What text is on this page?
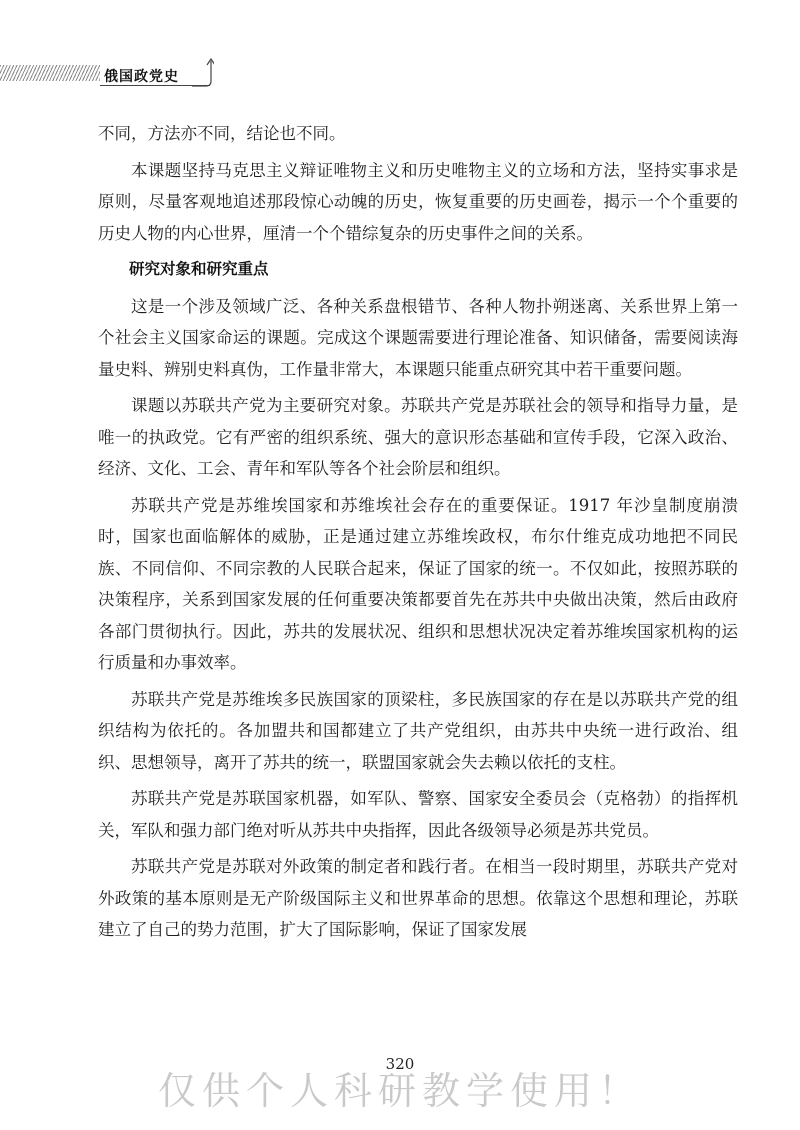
俄国政党史

不同，方法亦不同，结论也不同。

本课题坚持马克思主义辩证唯物主义和历史唯物主义的立场和方法，坚持实事求是原则，尽量客观地追述那段惊心动魄的历史，恢复重要的历史画卷，揭示一个个重要的历史人物的内心世界，厘清一个个错综复杂的历史事件之间的关系。

研究对象和研究重点

这是一个涉及领域广泛、各种关系盘根错节、各种人物扑朔迷离、关系世界上第一个社会主义国家命运的课题。完成这个课题需要进行理论准备、知识储备，需要阅读海量史料、辨别史料真伪，工作量非常大，本课题只能重点研究其中若干重要问题。

课题以苏联共产党为主要研究对象。苏联共产党是苏联社会的领导和指导力量，是唯一的执政党。它有严密的组织系统、强大的意识形态基础和宣传手段，它深入政治、经济、文化、工会、青年和军队等各个社会阶层和组织。

苏联共产党是苏维埃国家和苏维埃社会存在的重要保证。1917 年沙皇制度崩溃时，国家也面临解体的威胁，正是通过建立苏维埃政权，布尔什维克成功地把不同民族、不同信仰、不同宗教的人民联合起来，保证了国家的统一。不仅如此，按照苏联的决策程序，关系到国家发展的任何重要决策都要首先在苏共中央做出决策，然后由政府各部门贯彻执行。因此，苏共的发展状况、组织和思想状况决定着苏维埃国家机构的运行质量和办事效率。

苏联共产党是苏维埃多民族国家的顶梁柱，多民族国家的存在是以苏联共产党的组织结构为依托的。各加盟共和国都建立了共产党组织，由苏共中央统一进行政治、组织、思想领导，离开了苏共的统一，联盟国家就会失去赖以依托的支柱。

苏联共产党是苏联国家机器，如军队、警察、国家安全委员会（克格勃）的指挥机关，军队和强力部门绝对听从苏共中央指挥，因此各级领导必须是苏共党员。

苏联共产党是苏联对外政策的制定者和践行者。在相当一段时期里，苏联共产党对外政策的基本原则是无产阶级国际主义和世界革命的思想。依靠这个思想和理论，苏联建立了自己的势力范围，扩大了国际影响，保证了国家发展

320
仅供个人科研教学使用！
